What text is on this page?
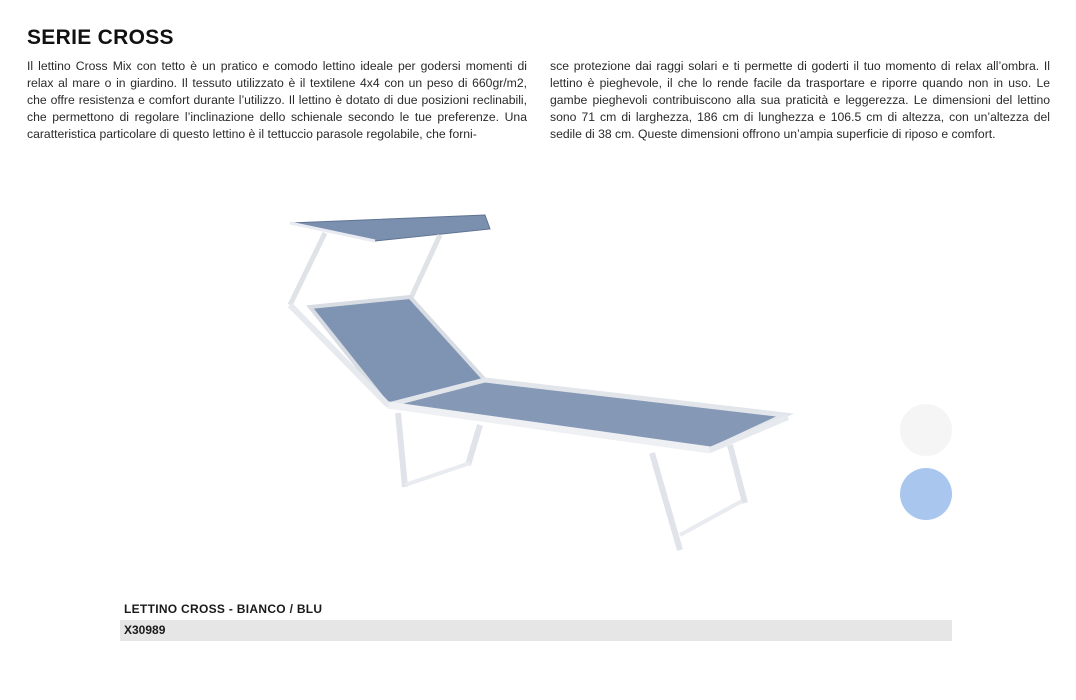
SERIE CROSS
Il lettino Cross Mix con tetto è un pratico e comodo lettino ideale per godersi momenti di relax al mare o in giardino. Il tessuto utilizzato è il textilene 4x4 con un peso di 660gr/m2, che offre resistenza e comfort durante l’utilizzo. Il lettino è dotato di due posizioni reclinabili, che permettono di regolare l’inclinazione dello schienale secondo le tue preferenze. Una caratteristica particolare di questo lettino è il tettuccio parasole regolabile, che forni-
sce protezione dai raggi solari e ti permette di goderti il tuo momento di relax all’ombra. Il lettino è pieghevole, il che lo rende facile da trasportare e riporre quando non in uso. Le gambe pieghevoli contribuiscono alla sua praticità e leggerezza. Le dimensioni del lettino sono 71 cm di larghezza, 186 cm di lunghezza e 106.5 cm di altezza, con un’altezza del sedile di 38 cm. Queste dimensioni offrono un’ampia superficie di riposo e comfort.
LETTINO CROSS - BIANCO / BLU
X30989
